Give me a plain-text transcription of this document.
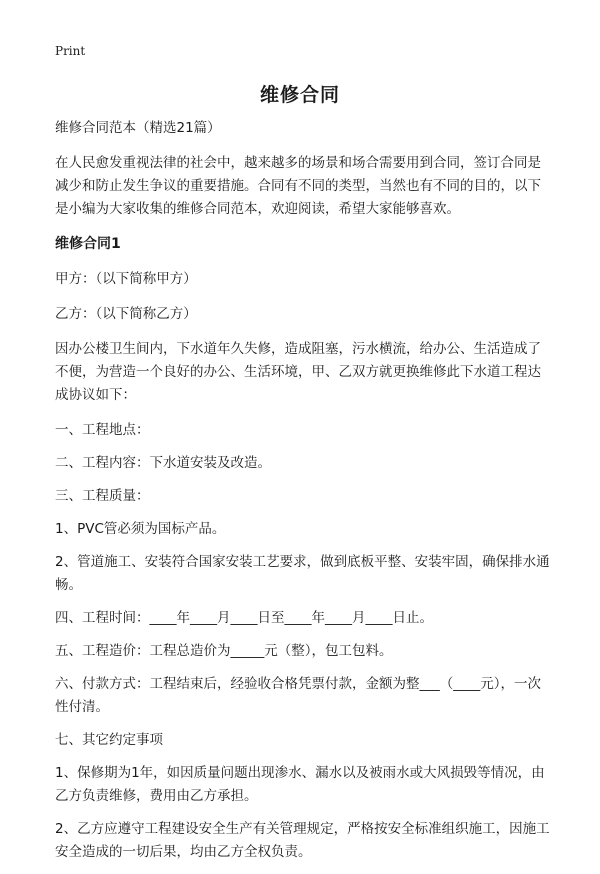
Print
维修合同

维修合同范本（精选21篇）

在人民愈发重视法律的社会中，越来越多的场景和场合需要用到合同，签订合同是减少和防止发生争议的重要措施。合同有不同的类型，当然也有不同的目的，以下是小编为大家收集的维修合同范本，欢迎阅读，希望大家能够喜欢。

维修合同1

甲方：（以下简称甲方）

乙方：（以下简称乙方）

因办公楼卫生间内，下水道年久失修，造成阻塞，污水横流，给办公、生活造成了不便，为营造一个良好的办公、生活环境，甲、乙双方就更换维修此下水道工程达成协议如下：

一、工程地点：

二、工程内容：下水道安装及改造。

三、工程质量：

1、PVC管必须为国标产品。

2、管道施工、安装符合国家安装工艺要求，做到底板平整、安装牢固，确保排水通畅。

四、工程时间：____年____月____日至____年____月____日止。

五、工程造价：工程总造价为_____元（整），包工包料。

六、付款方式：工程结束后，经验收合格凭票付款，金额为整___（____元），一次性付清。

七、其它约定事项

1、保修期为1年，如因质量问题出现渗水、漏水以及被雨水或大风损毁等情况，由乙方负责维修，费用由乙方承担。

2、乙方应遵守工程建设安全生产有关管理规定，严格按安全标准组织施工，因施工安全造成的一切后果，均由乙方全权负责。
